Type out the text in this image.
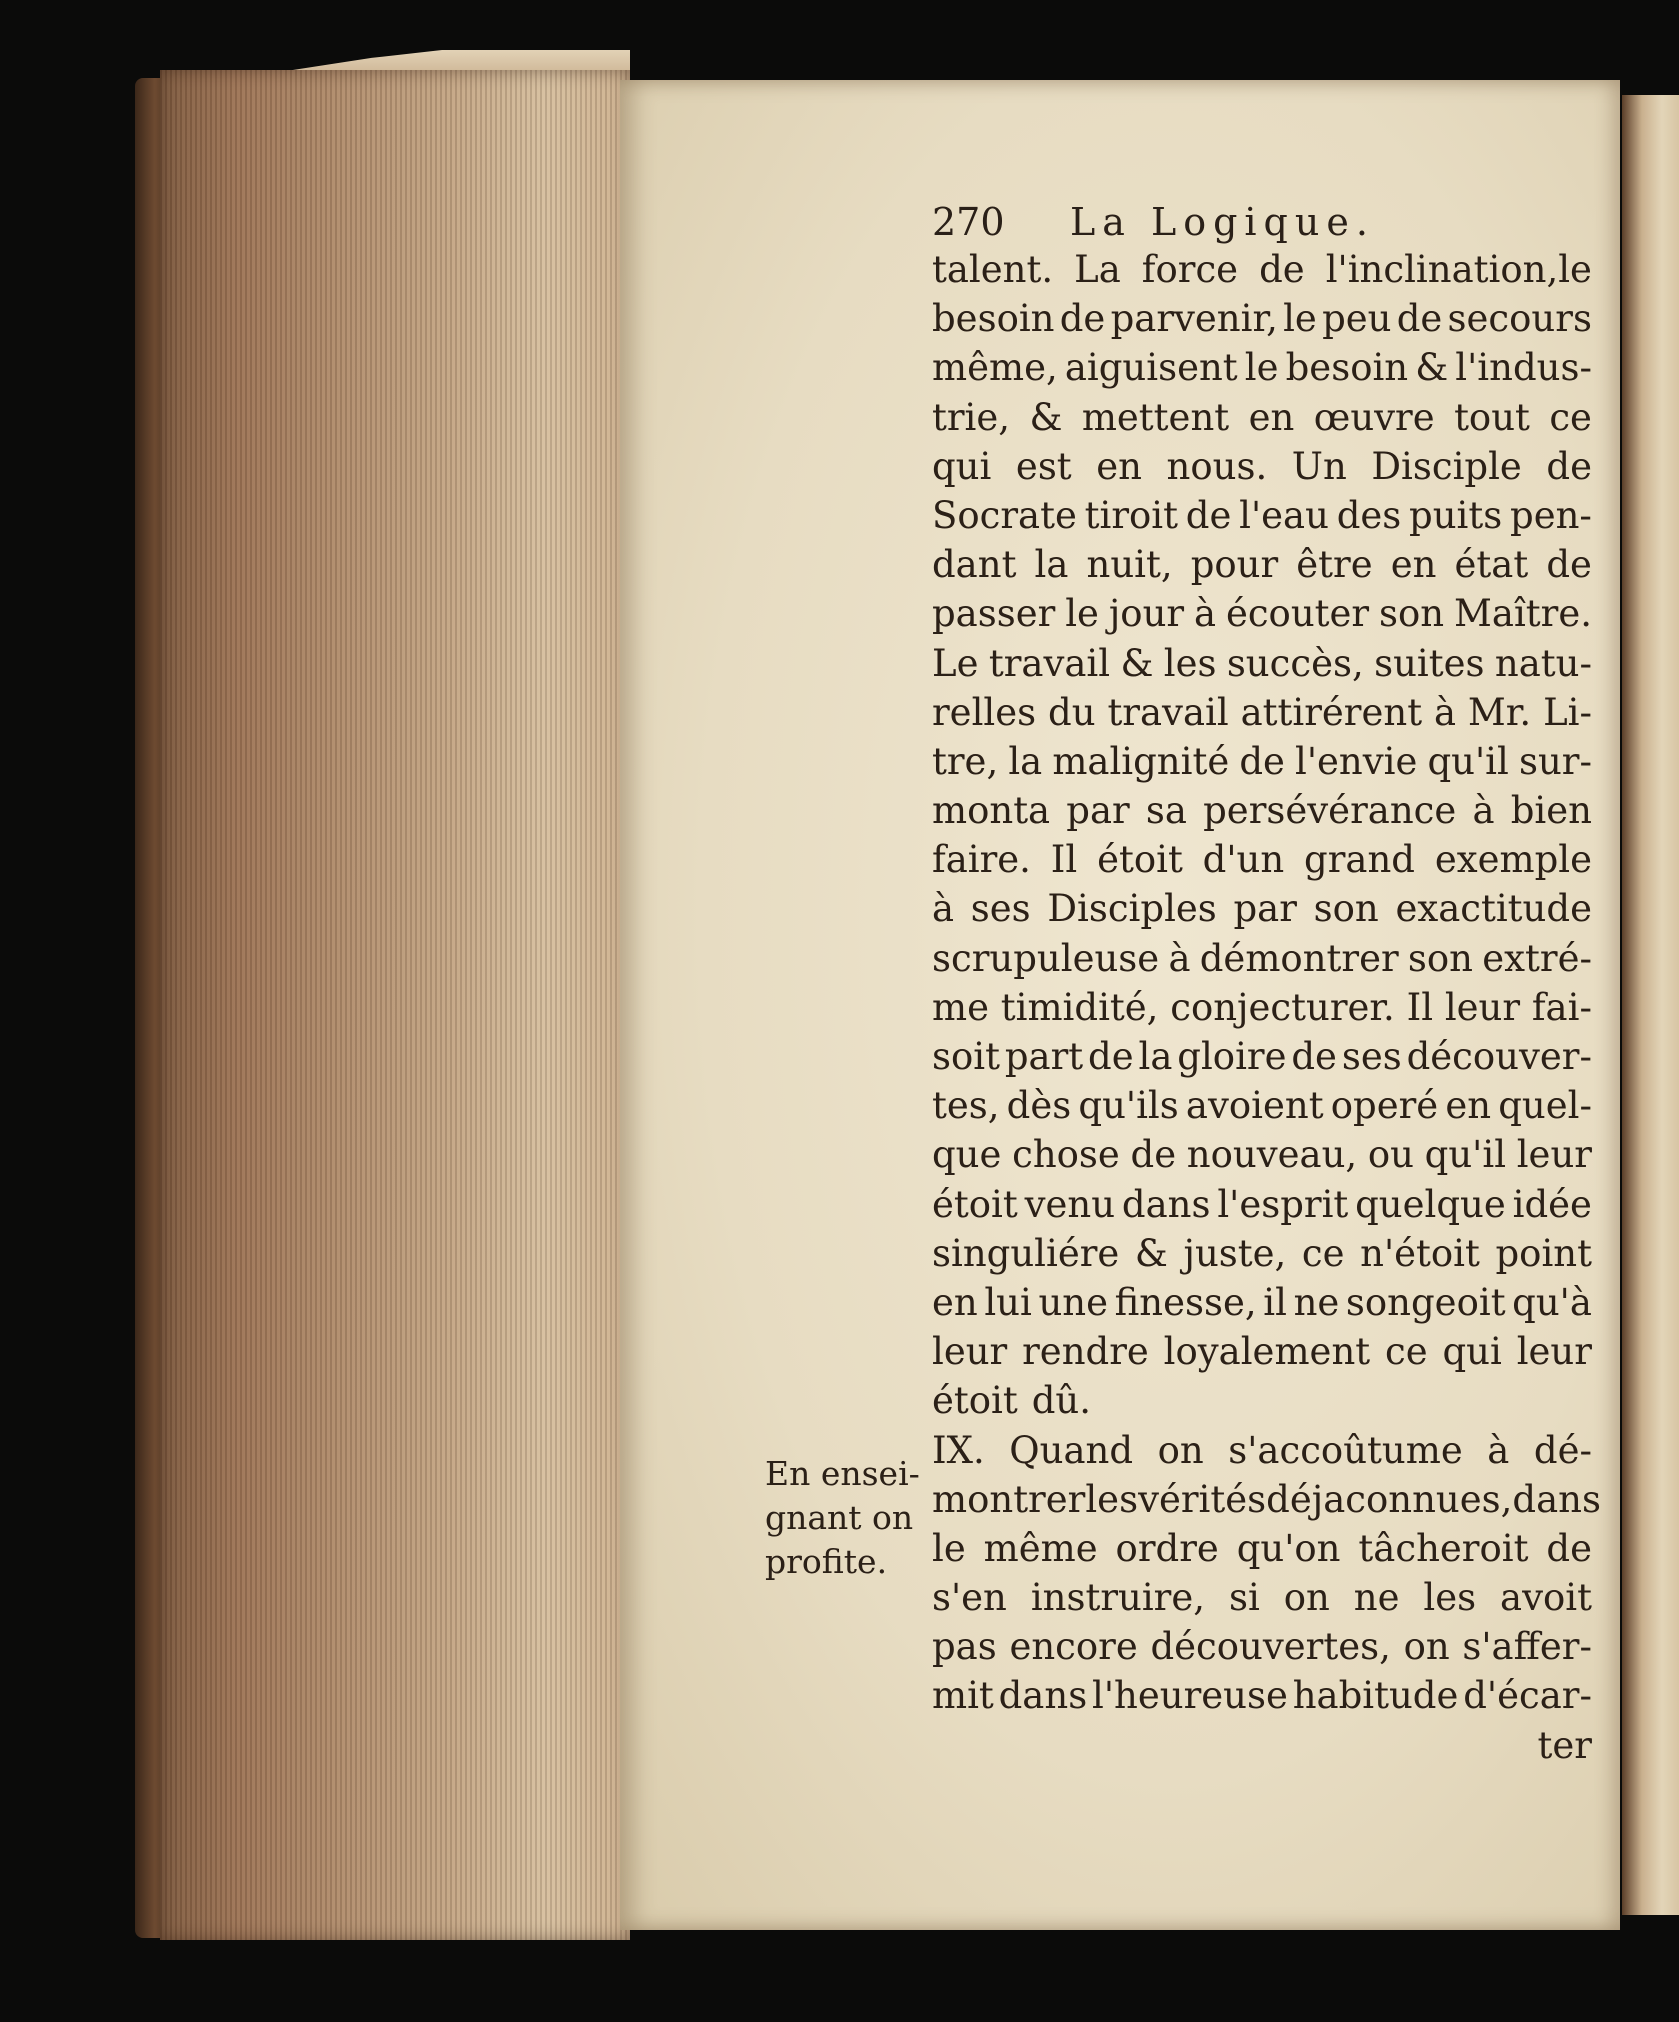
270 La Logique.
talent. La force de l'inclination,le
besoin de parvenir, le peu de secours
même, aiguisent le besoin & l'indus-
trie, & mettent en œuvre tout ce
qui est en nous. Un Disciple de
Socrate tiroit de l'eau des puits pen-
dant la nuit, pour être en état de
passer le jour à écouter son Maître.
Le travail & les succès, suites natu-
relles du travail attirérent à Mr. Li-
tre, la malignité de l'envie qu'il sur-
monta par sa persévérance à bien
faire. Il étoit d'un grand exemple
à ses Disciples par son exactitude
scrupuleuse à démontrer son extré-
me timidité, conjecturer. Il leur fai-
soit part de la gloire de ses découver-
tes, dès qu'ils avoient operé en quel-
que chose de nouveau, ou qu'il leur
étoit venu dans l'esprit quelque idée
singuliére & juste, ce n'étoit point
en lui une finesse, il ne songeoit qu'à
leur rendre loyalement ce qui leur
étoit dû.
IX. Quand on s'accoûtume à dé-
montrer les vérités déja connues, dans
le même ordre qu'on tâcheroit de
s'en instruire, si on ne les avoit
pas encore découvertes, on s'affer-
mit dans l'heureuse habitude d'écar-
ter
En ensei-
gnant on
profite.
